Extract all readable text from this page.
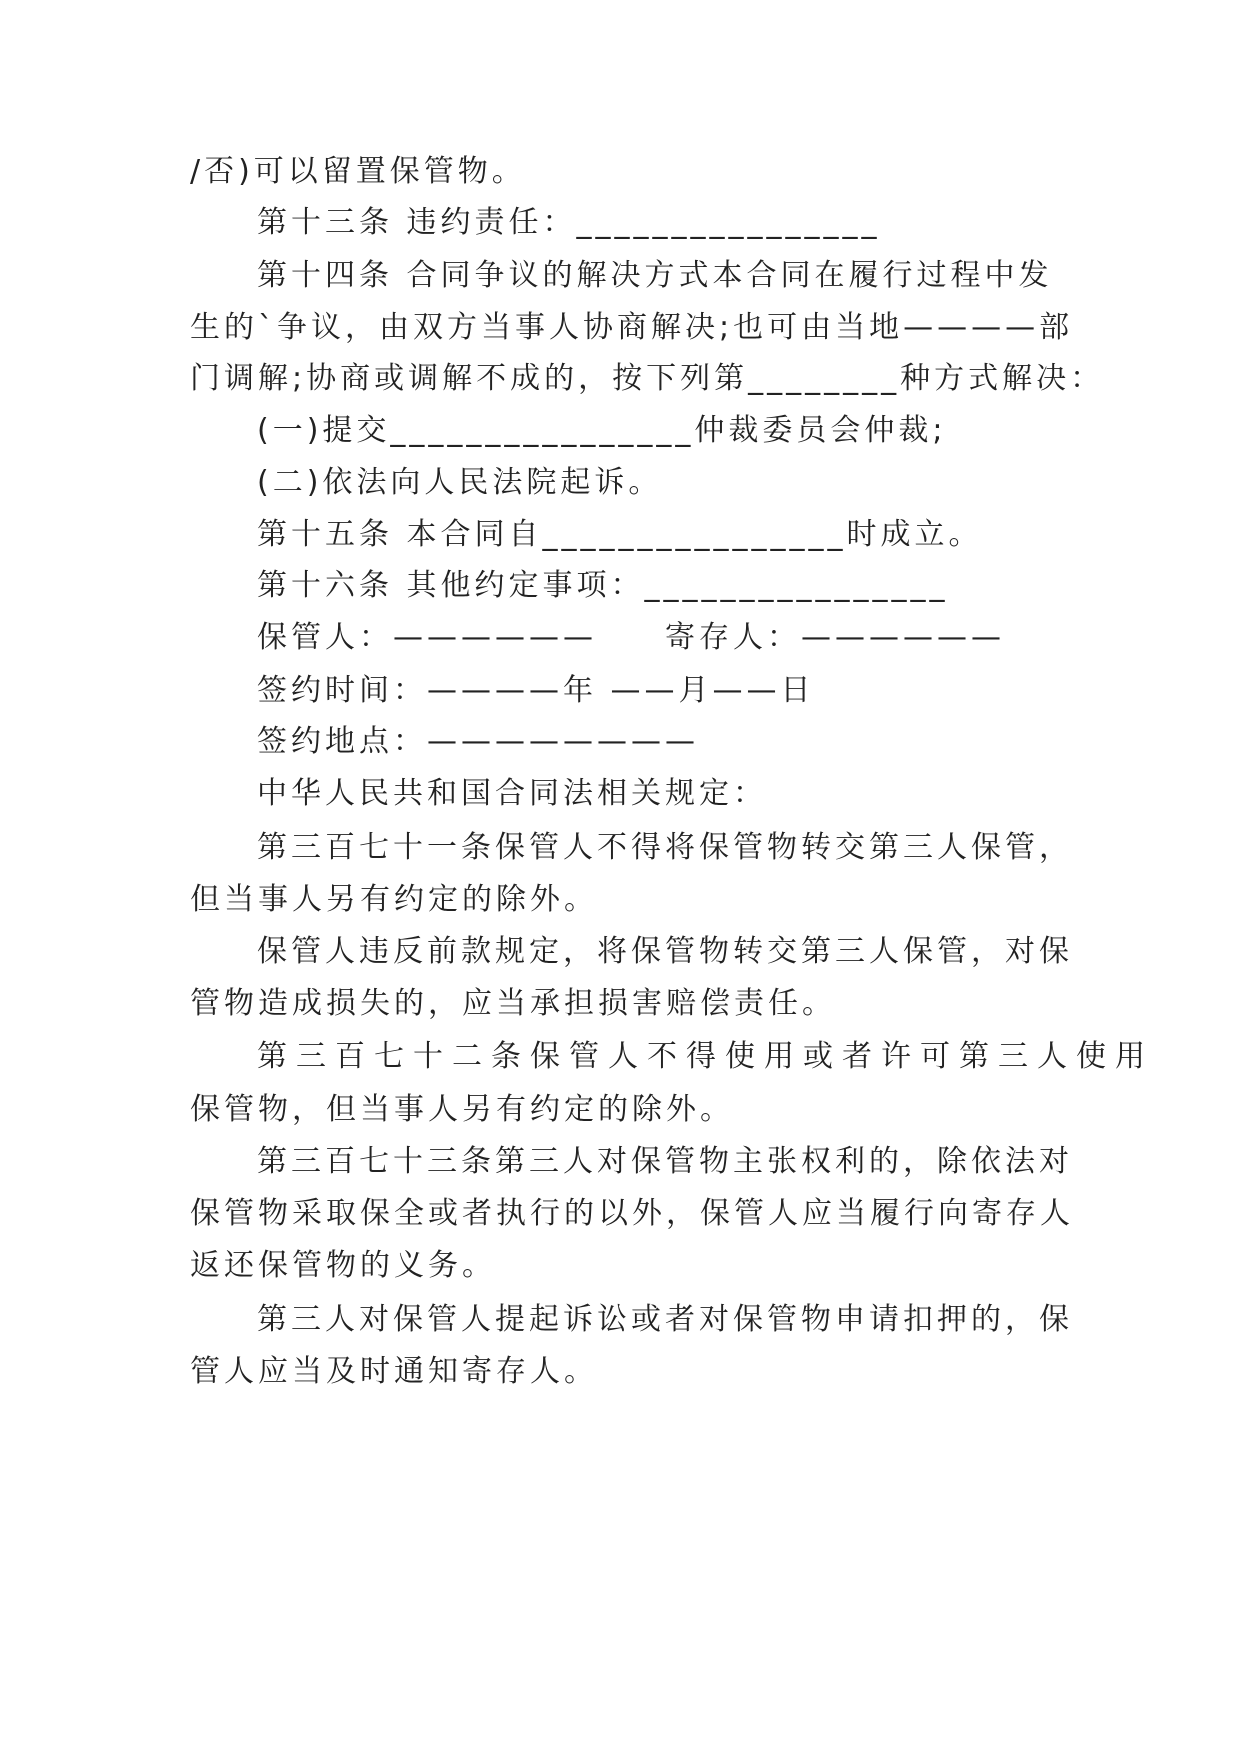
/否)可以留置保管物。
第十三条 违约责任：________________
第十四条 合同争议的解决方式本合同在履行过程中发
生的`争议，由双方当事人协商解决;也可由当地————部
门调解;协商或调解不成的，按下列第________种方式解决：
(一)提交________________仲裁委员会仲裁;
(二)依法向人民法院起诉。
第十五条 本合同自________________时成立。
第十六条 其他约定事项：________________
保管人：——————　　寄存人：——————
签约时间：————年 ——月——日
签约地点：————————
中华人民共和国合同法相关规定：
第三百七十一条保管人不得将保管物转交第三人保管，
但当事人另有约定的除外。
保管人违反前款规定，将保管物转交第三人保管，对保
管物造成损失的，应当承担损害赔偿责任。
第三百七十二条保管人不得使用或者许可第三人使用
保管物，但当事人另有约定的除外。
第三百七十三条第三人对保管物主张权利的，除依法对
保管物采取保全或者执行的以外，保管人应当履行向寄存人
返还保管物的义务。
第三人对保管人提起诉讼或者对保管物申请扣押的，保
管人应当及时通知寄存人。
